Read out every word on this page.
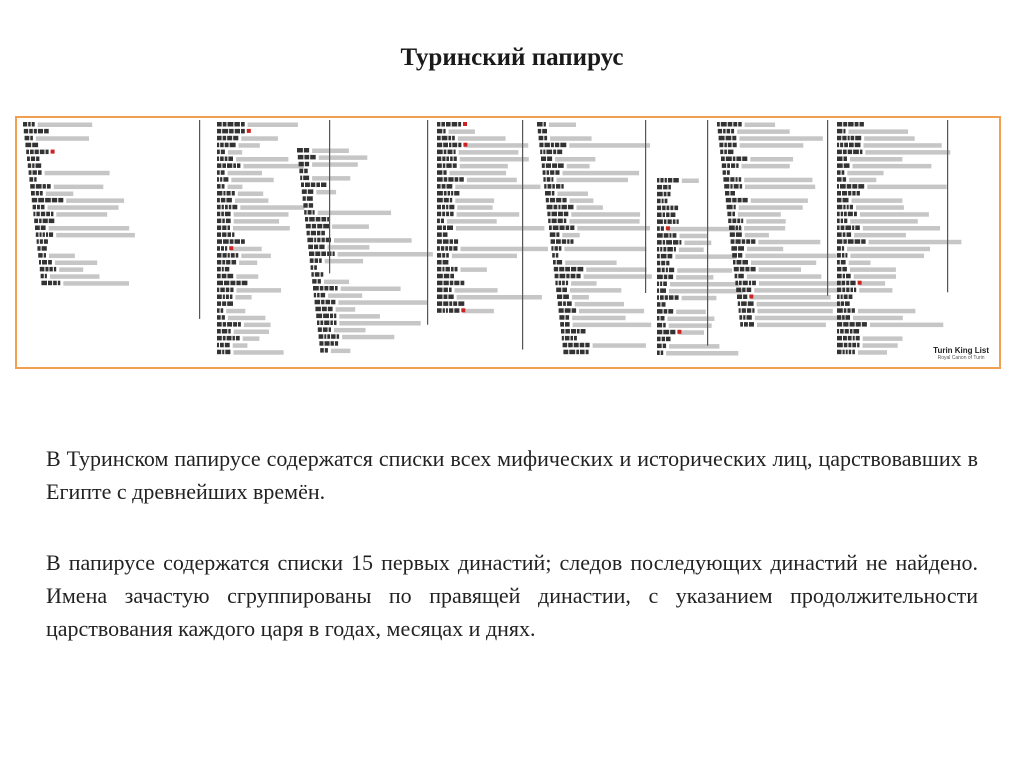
Туринский папирус
Turin King List
Royal Canon of Turin

В Туринском папирусе содержатся списки всех мифических и исторических лиц, царствовавших в Египте с древнейших времён.

В папирусе содержатся списки 15 первых династий; следов последующих династий не найдено. Имена зачастую сгруппированы по правящей династии, с указанием продолжительности царствования каждого царя в годах, месяцах и днях.
